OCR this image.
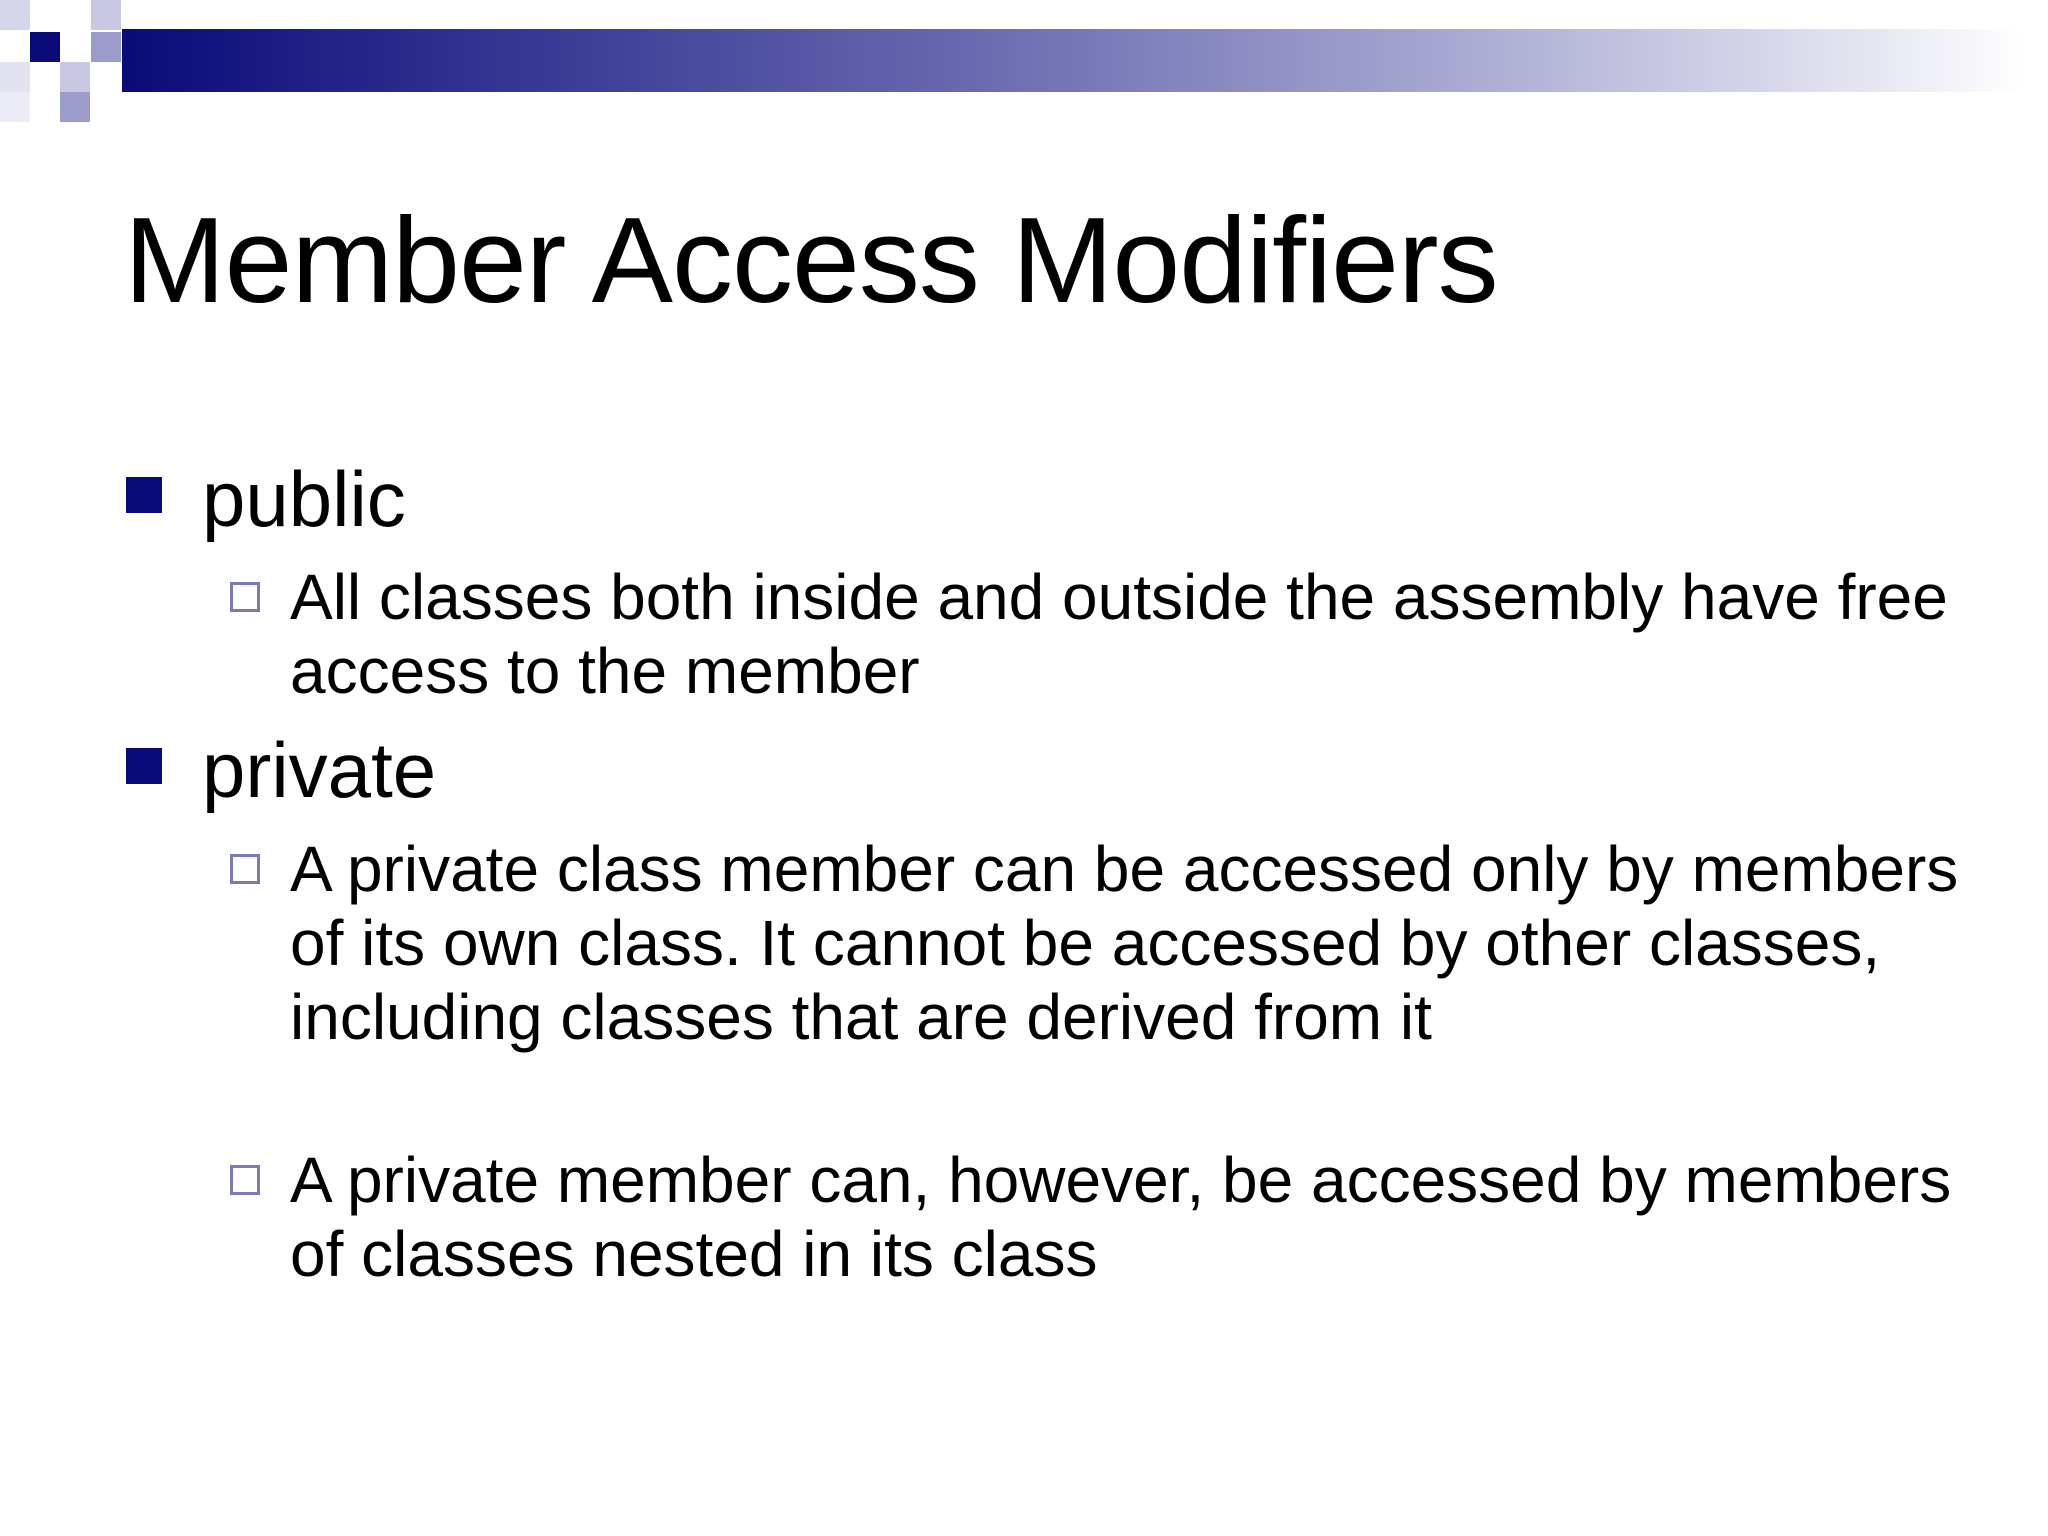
Member Access Modifiers
public
All classes both inside and outside the assembly have free access to the member
private
A private class member can be accessed only by members of its own class. It cannot be accessed by other classes, including classes that are derived from it
A private member can, however, be accessed by members of classes nested in its class
